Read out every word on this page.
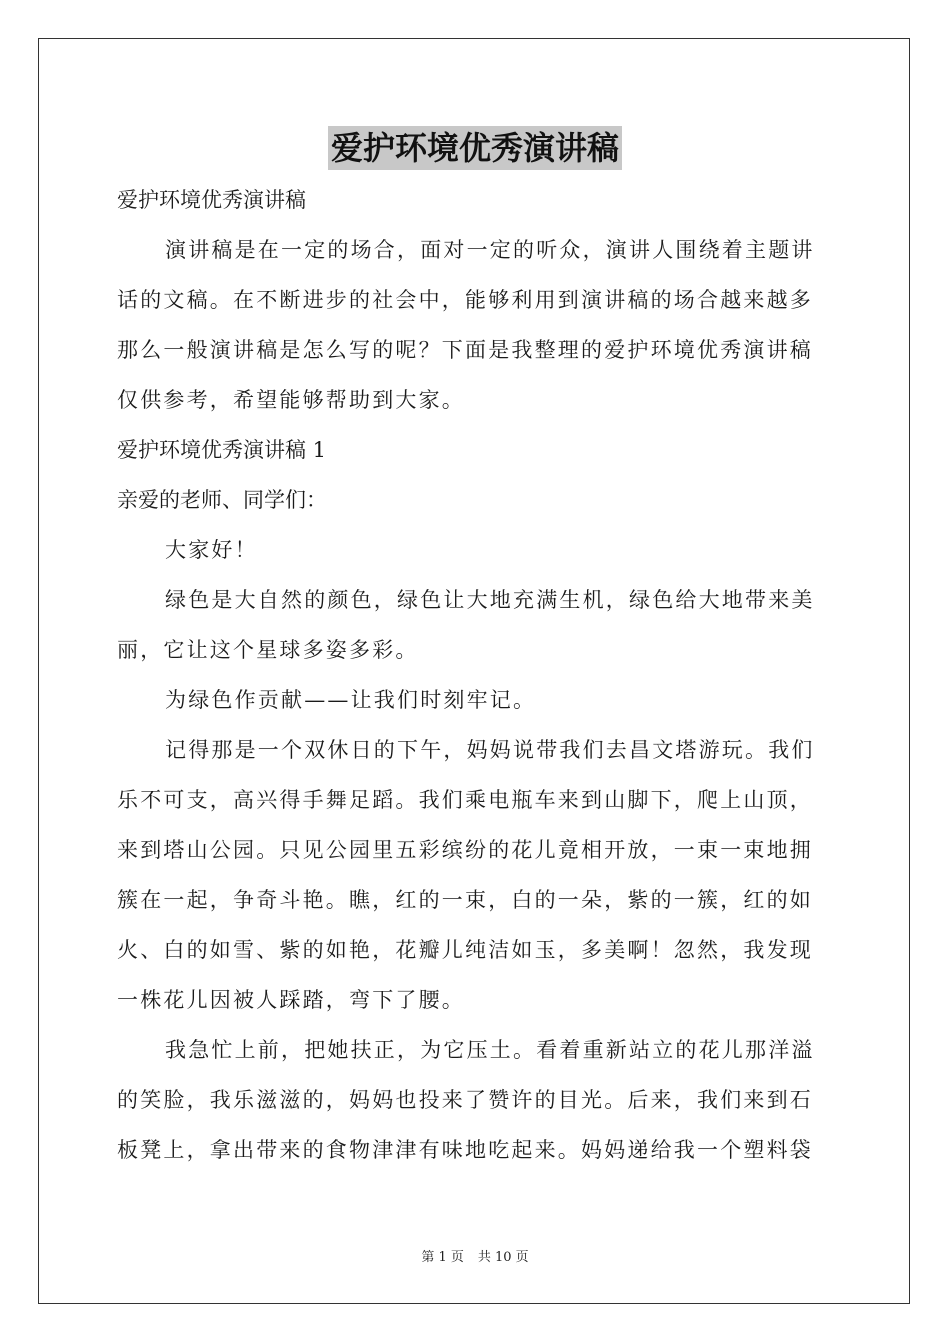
爱护环境优秀演讲稿
爱护环境优秀演讲稿
演讲稿是在一定的场合，面对一定的听众，演讲人围绕着主题讲
话的文稿。在不断进步的社会中，能够利用到演讲稿的场合越来越多
那么一般演讲稿是怎么写的呢？下面是我整理的爱护环境优秀演讲稿
仅供参考，希望能够帮助到大家。
爱护环境优秀演讲稿 1
亲爱的老师、同学们：
大家好！
绿色是大自然的颜色，绿色让大地充满生机，绿色给大地带来美
丽，它让这个星球多姿多彩。
为绿色作贡献——让我们时刻牢记。
记得那是一个双休日的下午，妈妈说带我们去昌文塔游玩。我们
乐不可支，高兴得手舞足蹈。我们乘电瓶车来到山脚下，爬上山顶，
来到塔山公园。只见公园里五彩缤纷的花儿竟相开放，一束一束地拥
簇在一起，争奇斗艳。瞧，红的一束，白的一朵，紫的一簇，红的如
火、白的如雪、紫的如艳，花瓣儿纯洁如玉，多美啊！忽然，我发现
一株花儿因被人踩踏，弯下了腰。
我急忙上前，把她扶正，为它压土。看着重新站立的花儿那洋溢
的笑脸，我乐滋滋的，妈妈也投来了赞许的目光。后来，我们来到石
板凳上，拿出带来的食物津津有味地吃起来。妈妈递给我一个塑料袋
第 1 页 共 10 页
